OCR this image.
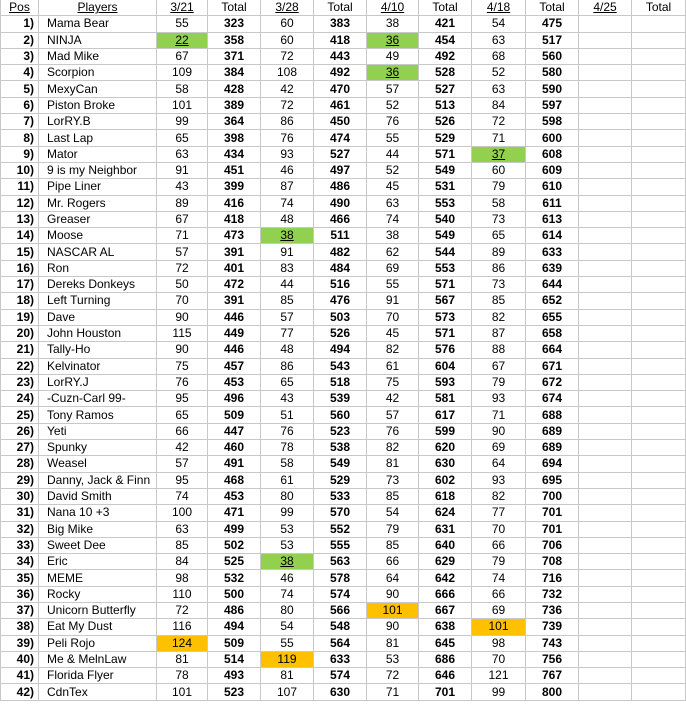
Pos	Players	3/21	Total	3/28	Total	4/10	Total	4/18	Total	4/25	Total
1)	Mama Bear	55	323	60	383	38	421	54	475		
2)	NINJA	22	358	60	418	36	454	63	517		
3)	Mad Mike	67	371	72	443	49	492	68	560		
4)	Scorpion	109	384	108	492	36	528	52	580		
5)	MexyCan	58	428	42	470	57	527	63	590		
6)	Piston Broke	101	389	72	461	52	513	84	597		
7)	LorRY.B	99	364	86	450	76	526	72	598		
8)	Last Lap	65	398	76	474	55	529	71	600		
9)	Mator	63	434	93	527	44	571	37	608		
10)	9 is my Neighbor	91	451	46	497	52	549	60	609		
11)	Pipe Liner	43	399	87	486	45	531	79	610		
12)	Mr. Rogers	89	416	74	490	63	553	58	611		
13)	Greaser	67	418	48	466	74	540	73	613		
14)	Moose	71	473	38	511	38	549	65	614		
15)	NASCAR AL	57	391	91	482	62	544	89	633		
16)	Ron	72	401	83	484	69	553	86	639		
17)	Dereks Donkeys	50	472	44	516	55	571	73	644		
18)	Left Turning	70	391	85	476	91	567	85	652		
19)	Dave	90	446	57	503	70	573	82	655		
20)	John Houston	115	449	77	526	45	571	87	658		
21)	Tally-Ho	90	446	48	494	82	576	88	664		
22)	Kelvinator	75	457	86	543	61	604	67	671		
23)	LorRY.J	76	453	65	518	75	593	79	672		
24)	-Cuzn-Carl 99-	95	496	43	539	42	581	93	674		
25)	Tony Ramos	65	509	51	560	57	617	71	688		
26)	Yeti	66	447	76	523	76	599	90	689		
27)	Spunky	42	460	78	538	82	620	69	689		
28)	Weasel	57	491	58	549	81	630	64	694		
29)	Danny, Jack & Finn	95	468	61	529	73	602	93	695		
30)	David Smith	74	453	80	533	85	618	82	700		
31)	Nana 10 +3	100	471	99	570	54	624	77	701		
32)	Big Mike	63	499	53	552	79	631	70	701		
33)	Sweet Dee	85	502	53	555	85	640	66	706		
34)	Eric	84	525	38	563	66	629	79	708		
35)	MEME	98	532	46	578	64	642	74	716		
36)	Rocky	110	500	74	574	90	666	66	732		
37)	Unicorn Butterfly	72	486	80	566	101	667	69	736		
38)	Eat My Dust	116	494	54	548	90	638	101	739		
39)	Peli Rojo	124	509	55	564	81	645	98	743		
40)	Me & MelnLaw	81	514	119	633	53	686	70	756		
41)	Florida Flyer	78	493	81	574	72	646	121	767		
42)	CdnTex	101	523	107	630	71	701	99	800		
